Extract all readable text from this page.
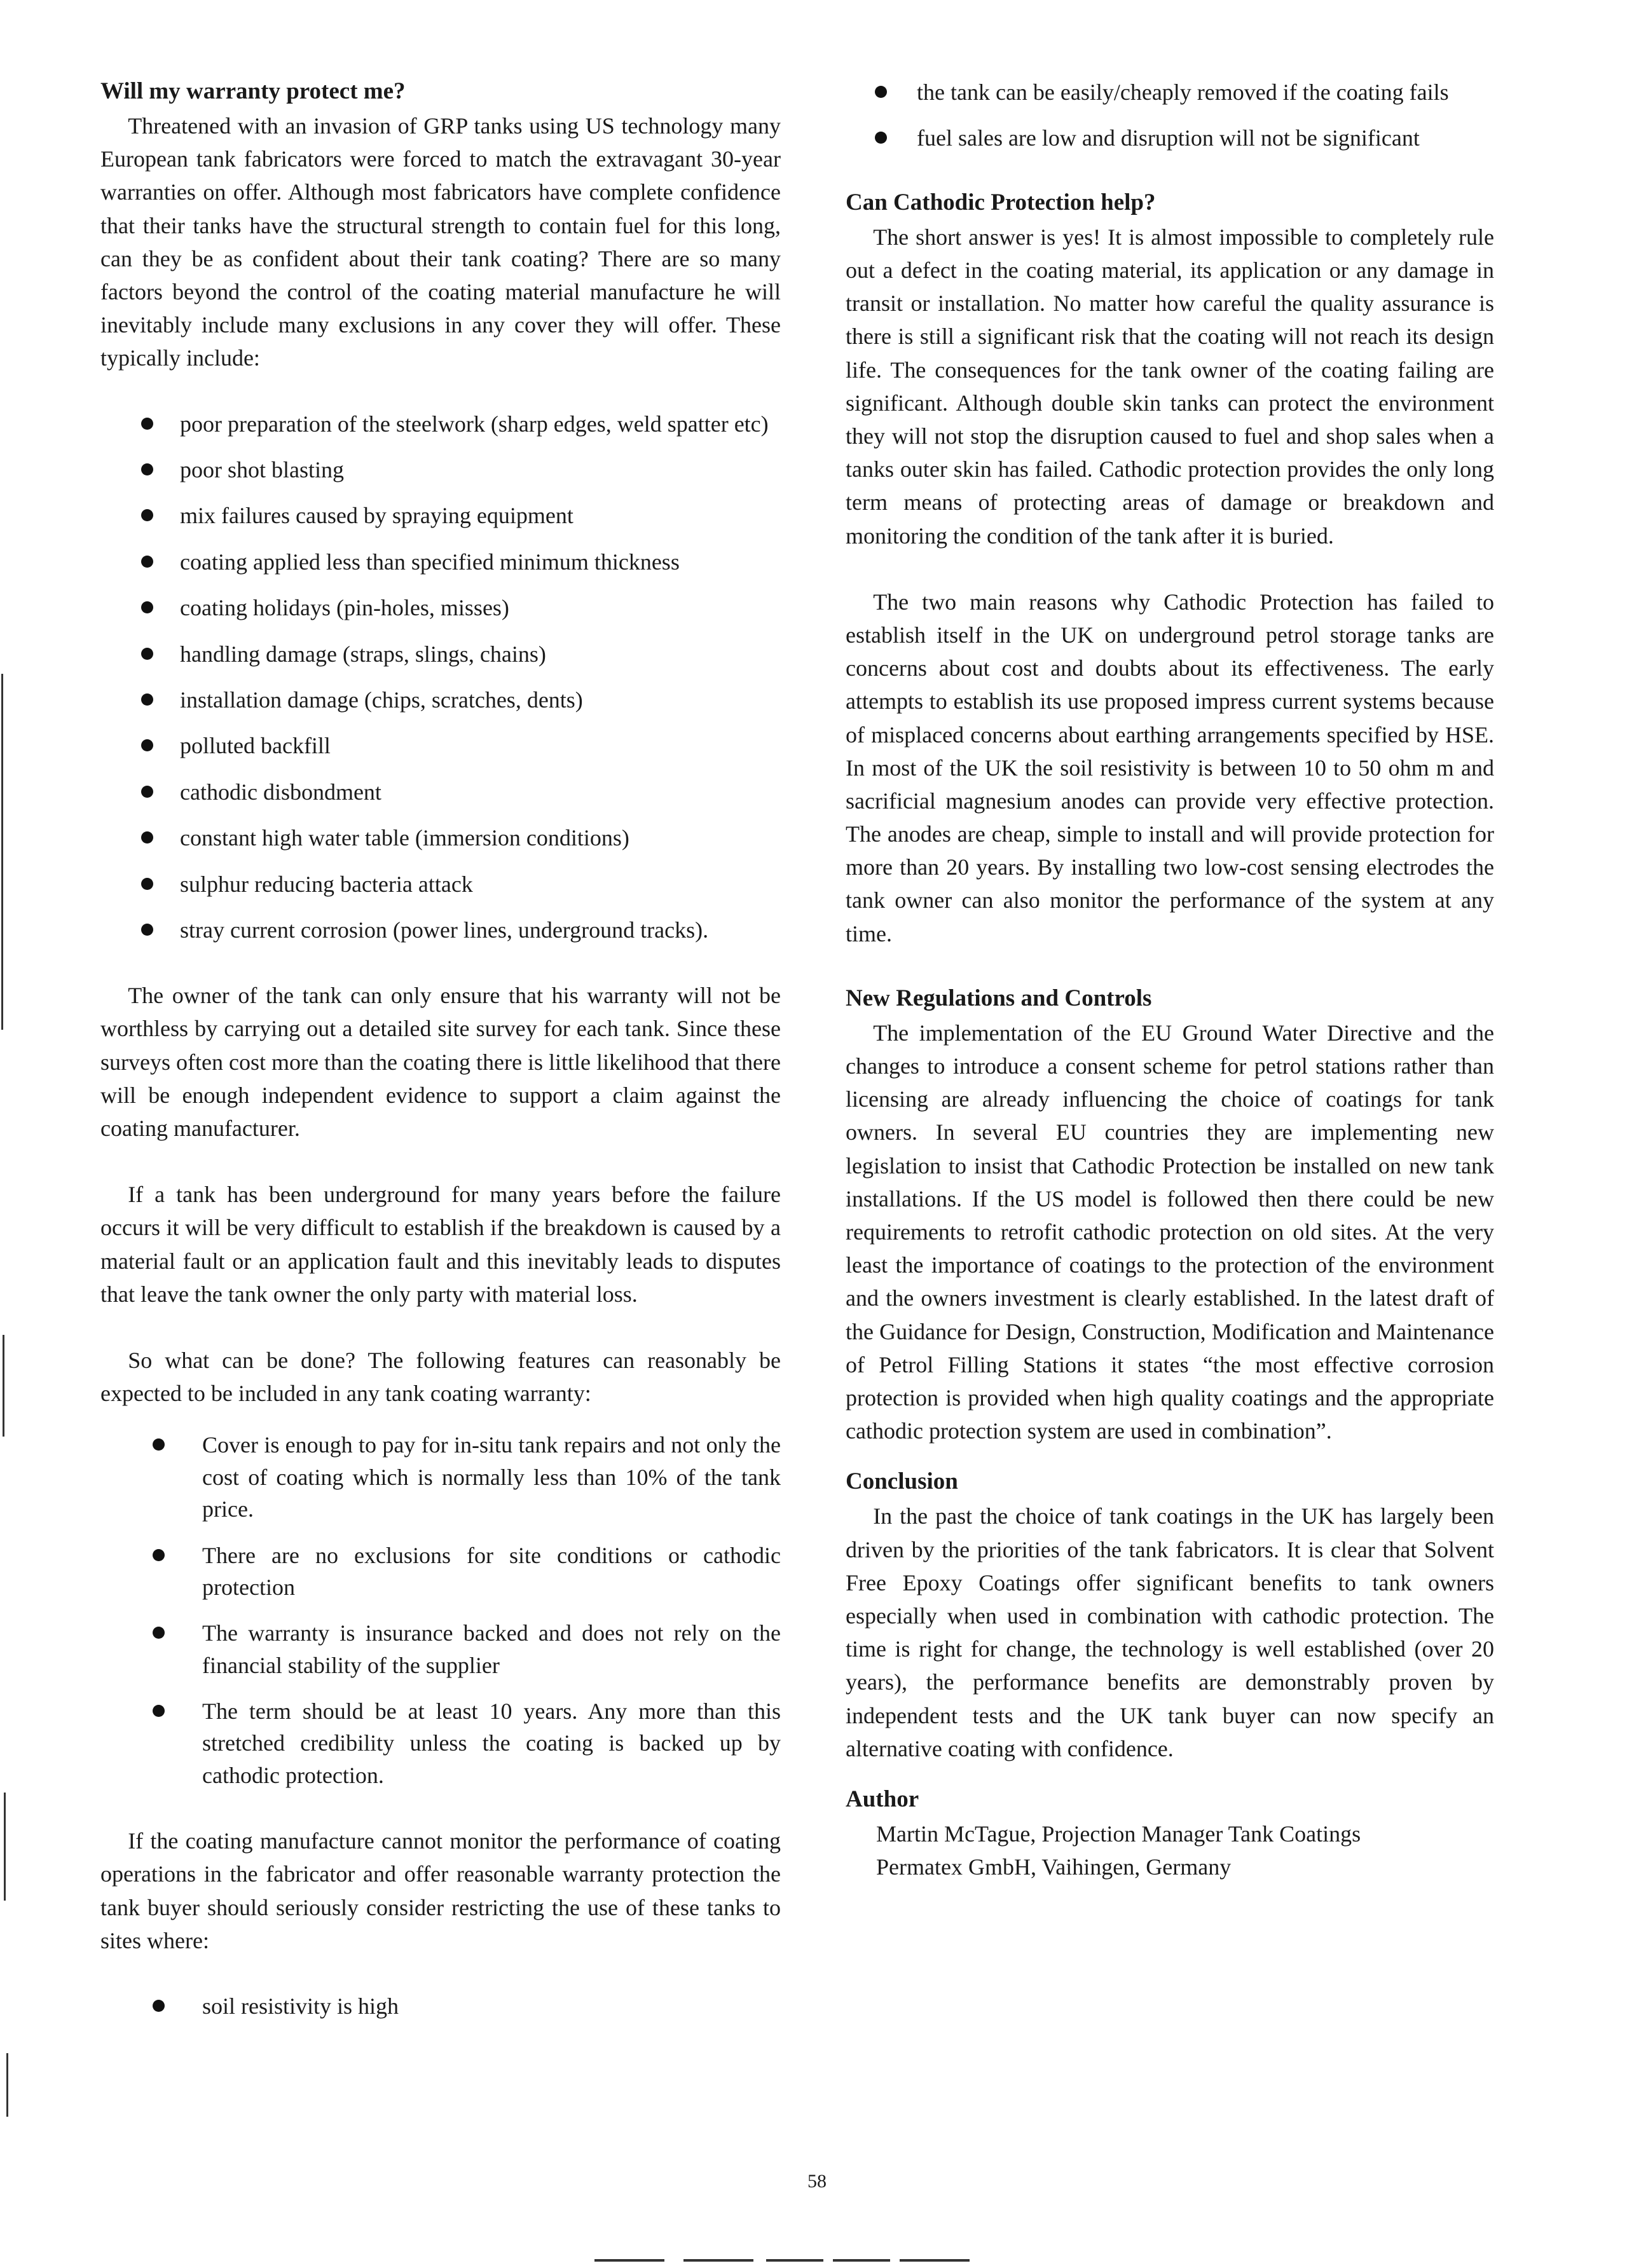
Will my warranty protect me?

Threatened with an invasion of GRP tanks using US technology many European tank fabricators were forced to match the extravagant 30-year warranties on offer. Although most fabricators have complete confidence that their tanks have the structural strength to contain fuel for this long, can they be as confident about their tank coating? There are so many factors beyond the control of the coating material manufacture he will inevitably include many exclusions in any cover they will offer. These typically include:

poor preparation of the steelwork (sharp edges, weld spatter etc)
poor shot blasting
mix failures caused by spraying equipment
coating applied less than specified minimum thickness
coating holidays (pin-holes, misses)
handling damage (straps, slings, chains)
installation damage (chips, scratches, dents)
polluted backfill
cathodic disbondment
constant high water table (immersion conditions)
sulphur reducing bacteria attack
stray current corrosion (power lines, underground tracks).

The owner of the tank can only ensure that his warranty will not be worthless by carrying out a detailed site survey for each tank. Since these surveys often cost more than the coating there is little likelihood that there will be enough independent evidence to support a claim against the coating manufacturer.

If a tank has been underground for many years before the failure occurs it will be very difficult to establish if the breakdown is caused by a material fault or an application fault and this inevitably leads to disputes that leave the tank owner the only party with material loss.

So what can be done? The following features can reasonably be expected to be included in any tank coating warranty:

Cover is enough to pay for in-situ tank repairs and not only the cost of coating which is normally less than 10% of the tank price.
There are no exclusions for site conditions or cathodic protection
The warranty is insurance backed and does not rely on the financial stability of the supplier
The term should be at least 10 years. Any more than this stretched credibility unless the coating is backed up by cathodic protection.

If the coating manufacture cannot monitor the performance of coating operations in the fabricator and offer reasonable warranty protection the tank buyer should seriously consider restricting the use of these tanks to sites where:

soil resistivity is high
the tank can be easily/cheaply removed if the coating fails
fuel sales are low and disruption will not be significant
Can Cathodic Protection help?

The short answer is yes! It is almost impossible to completely rule out a defect in the coating material, its application or any damage in transit or installation. No matter how careful the quality assurance is there is still a significant risk that the coating will not reach its design life. The consequences for the tank owner of the coating failing are significant. Although double skin tanks can protect the environment they will not stop the disruption caused to fuel and shop sales when a tanks outer skin has failed. Cathodic protection provides the only long term means of protecting areas of damage or breakdown and monitoring the condition of the tank after it is buried.

The two main reasons why Cathodic Protection has failed to establish itself in the UK on underground petrol storage tanks are concerns about cost and doubts about its effectiveness. The early attempts to establish its use proposed impress current systems because of misplaced concerns about earthing arrangements specified by HSE. In most of the UK the soil resistivity is between 10 to 50 ohm m and sacrificial magnesium anodes can provide very effective protection. The anodes are cheap, simple to install and will provide protection for more than 20 years. By installing two low-cost sensing electrodes the tank owner can also monitor the performance of the system at any time.

New Regulations and Controls

The implementation of the EU Ground Water Directive and the changes to introduce a consent scheme for petrol stations rather than licensing are already influencing the choice of coatings for tank owners. In several EU countries they are implementing new legislation to insist that Cathodic Protection be installed on new tank installations. If the US model is followed then there could be new requirements to retrofit cathodic protection on old sites. At the very least the importance of coatings to the protection of the environment and the owners investment is clearly established. In the latest draft of the Guidance for Design, Construction, Modification and Maintenance of Petrol Filling Stations it states “the most effective corrosion protection is provided when high quality coatings and the appropriate cathodic protection system are used in combination”.

Conclusion

In the past the choice of tank coatings in the UK has largely been driven by the priorities of the tank fabricators. It is clear that Solvent Free Epoxy Coatings offer significant benefits to tank owners especially when used in combination with cathodic protection. The time is right for change, the technology is well established (over 20 years), the performance benefits are demonstrably proven by independent tests and the UK tank buyer can now specify an alternative coating with confidence.

Author

Martin McTague, Projection Manager Tank Coatings

Permatex GmbH, Vaihingen, Germany

58
